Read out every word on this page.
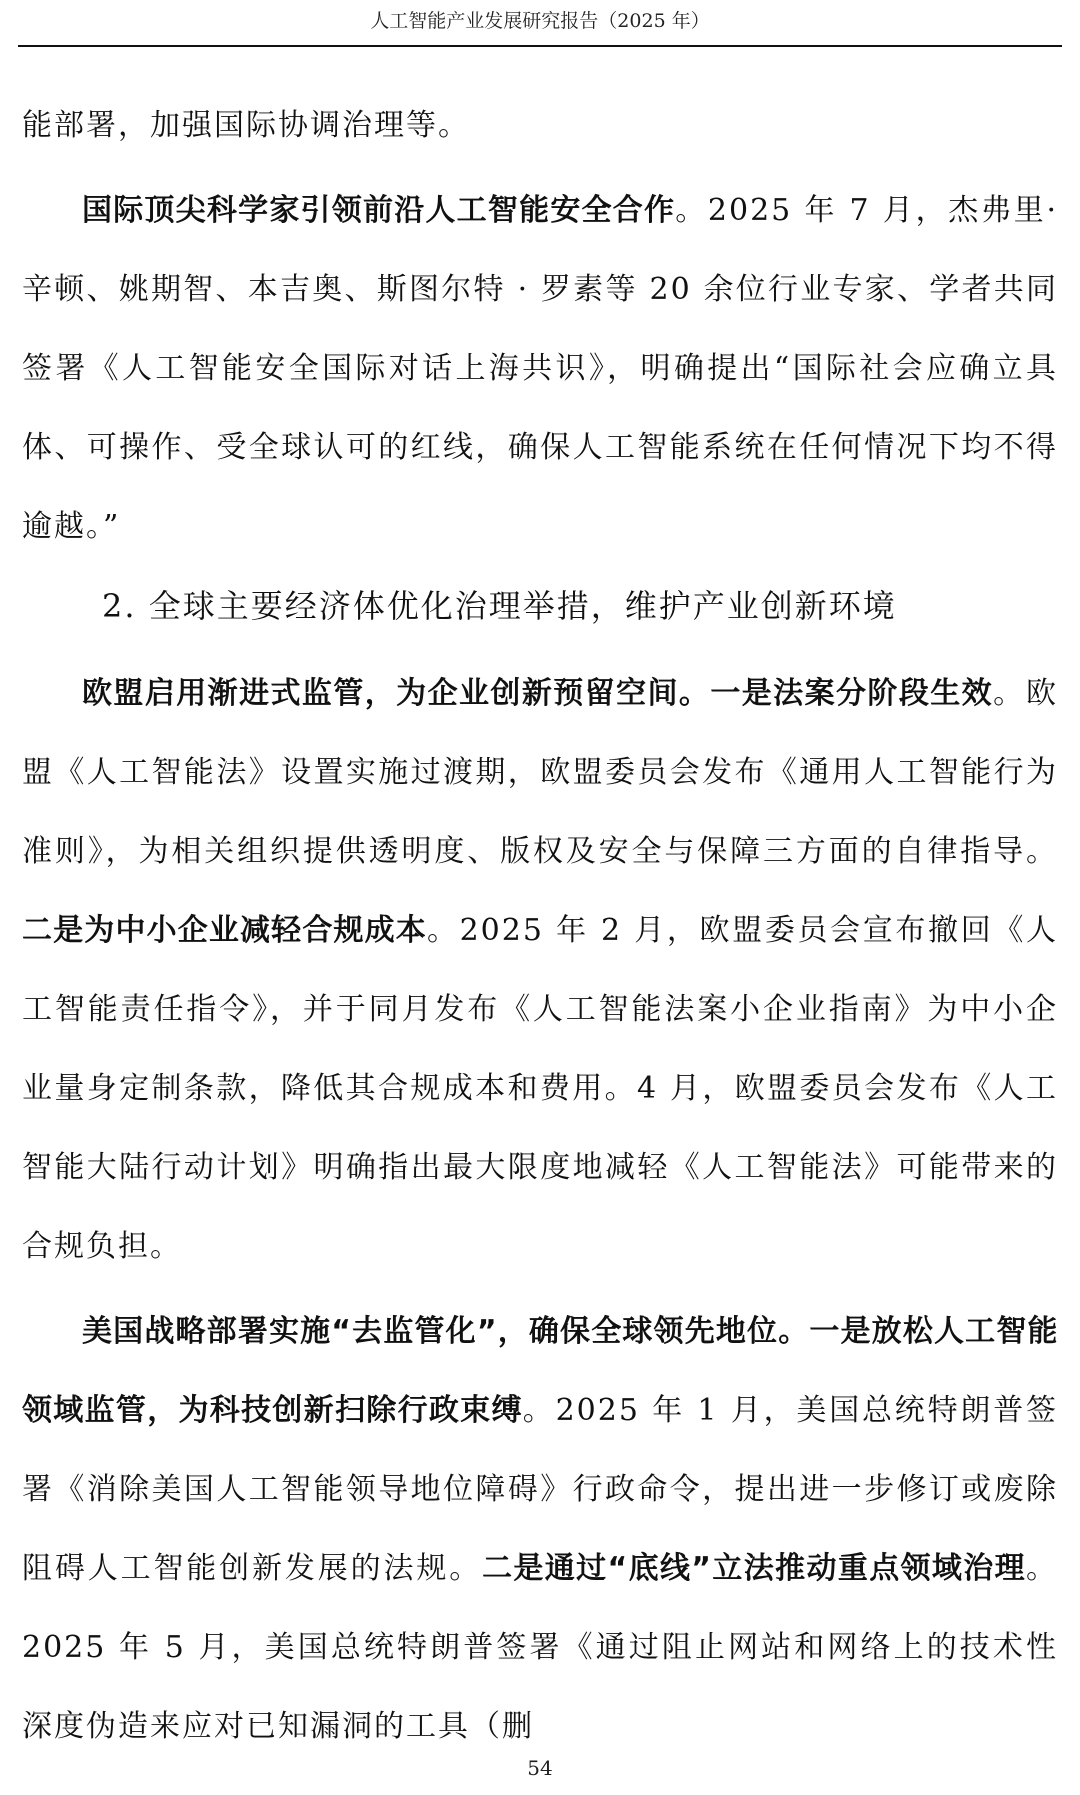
人工智能产业发展研究报告（2025 年）

能部署，加强国际协调治理等。

国际顶尖科学家引领前沿人工智能安全合作。2025 年 7 月，杰弗里·辛顿、姚期智、本吉奥、斯图尔特 · 罗素等 20 余位行业专家、学者共同签署《人工智能安全国际对话上海共识》，明确提出“国际社会应确立具体、可操作、受全球认可的红线，确保人工智能系统在任何情况下均不得逾越。”

2. 全球主要经济体优化治理举措，维护产业创新环境

欧盟启用渐进式监管，为企业创新预留空间。一是法案分阶段生效。欧盟《人工智能法》设置实施过渡期，欧盟委员会发布《通用人工智能行为准则》，为相关组织提供透明度、版权及安全与保障三方面的自律指导。二是为中小企业减轻合规成本。2025 年 2 月，欧盟委员会宣布撤回《人工智能责任指令》，并于同月发布《人工智能法案小企业指南》为中小企业量身定制条款，降低其合规成本和费用。4 月，欧盟委员会发布《人工智能大陆行动计划》明确指出最大限度地减轻《人工智能法》可能带来的合规负担。

美国战略部署实施“去监管化”，确保全球领先地位。一是放松人工智能领域监管，为科技创新扫除行政束缚。2025 年 1 月，美国总统特朗普签署《消除美国人工智能领导地位障碍》行政命令，提出进一步修订或废除阻碍人工智能创新发展的法规。二是通过“底线”立法推动重点领域治理。2025 年 5 月，美国总统特朗普签署《通过阻止网站和网络上的技术性深度伪造来应对已知漏洞的工具（删

54
